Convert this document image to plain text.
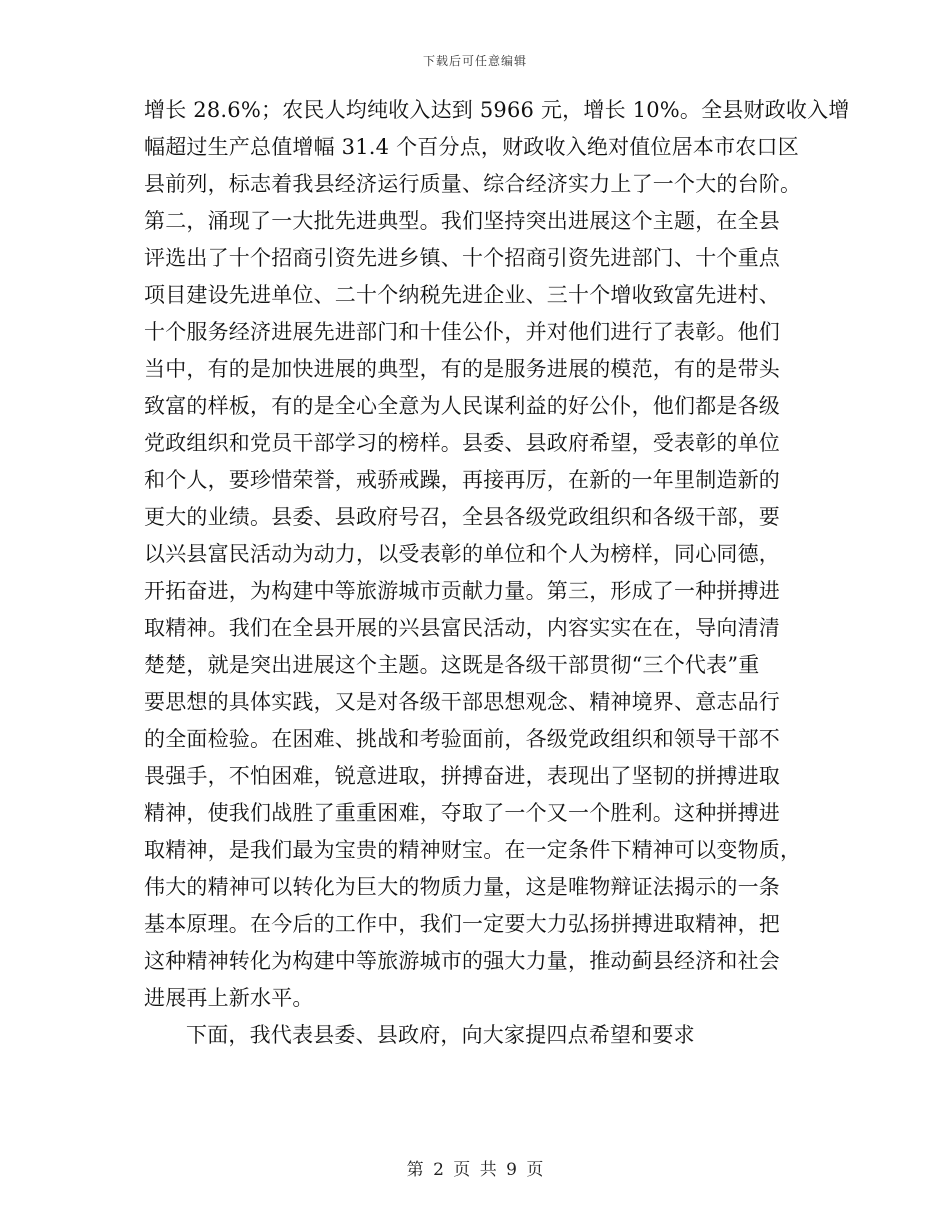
下载后可任意编辑
增长 28.6%；农民人均纯收入达到 5966 元，增长 10%。全县财政收入增
幅超过生产总值增幅 31.4 个百分点，财政收入绝对值位居本市农口区
县前列，标志着我县经济运行质量、综合经济实力上了一个大的台阶。
第二，涌现了一大批先进典型。我们坚持突出进展这个主题，在全县
评选出了十个招商引资先进乡镇、十个招商引资先进部门、十个重点
项目建设先进单位、二十个纳税先进企业、三十个增收致富先进村、
十个服务经济进展先进部门和十佳公仆，并对他们进行了表彰。他们
当中，有的是加快进展的典型，有的是服务进展的模范，有的是带头
致富的样板，有的是全心全意为人民谋利益的好公仆，他们都是各级
党政组织和党员干部学习的榜样。县委、县政府希望，受表彰的单位
和个人，要珍惜荣誉，戒骄戒躁，再接再厉，在新的一年里制造新的
更大的业绩。县委、县政府号召，全县各级党政组织和各级干部，要
以兴县富民活动为动力，以受表彰的单位和个人为榜样，同心同德，
开拓奋进，为构建中等旅游城市贡献力量。第三，形成了一种拼搏进
取精神。我们在全县开展的兴县富民活动，内容实实在在，导向清清
楚楚，就是突出进展这个主题。这既是各级干部贯彻“三个代表”重
要思想的具体实践，又是对各级干部思想观念、精神境界、意志品行
的全面检验。在困难、挑战和考验面前，各级党政组织和领导干部不
畏强手，不怕困难，锐意进取，拼搏奋进，表现出了坚韧的拼搏进取
精神，使我们战胜了重重困难，夺取了一个又一个胜利。这种拼搏进
取精神，是我们最为宝贵的精神财宝。在一定条件下精神可以变物质，
伟大的精神可以转化为巨大的物质力量，这是唯物辩证法揭示的一条
基本原理。在今后的工作中，我们一定要大力弘扬拼搏进取精神，把
这种精神转化为构建中等旅游城市的强大力量，推动蓟县经济和社会
进展再上新水平。
下面，我代表县委、县政府，向大家提四点希望和要求
第 2 页 共 9 页
